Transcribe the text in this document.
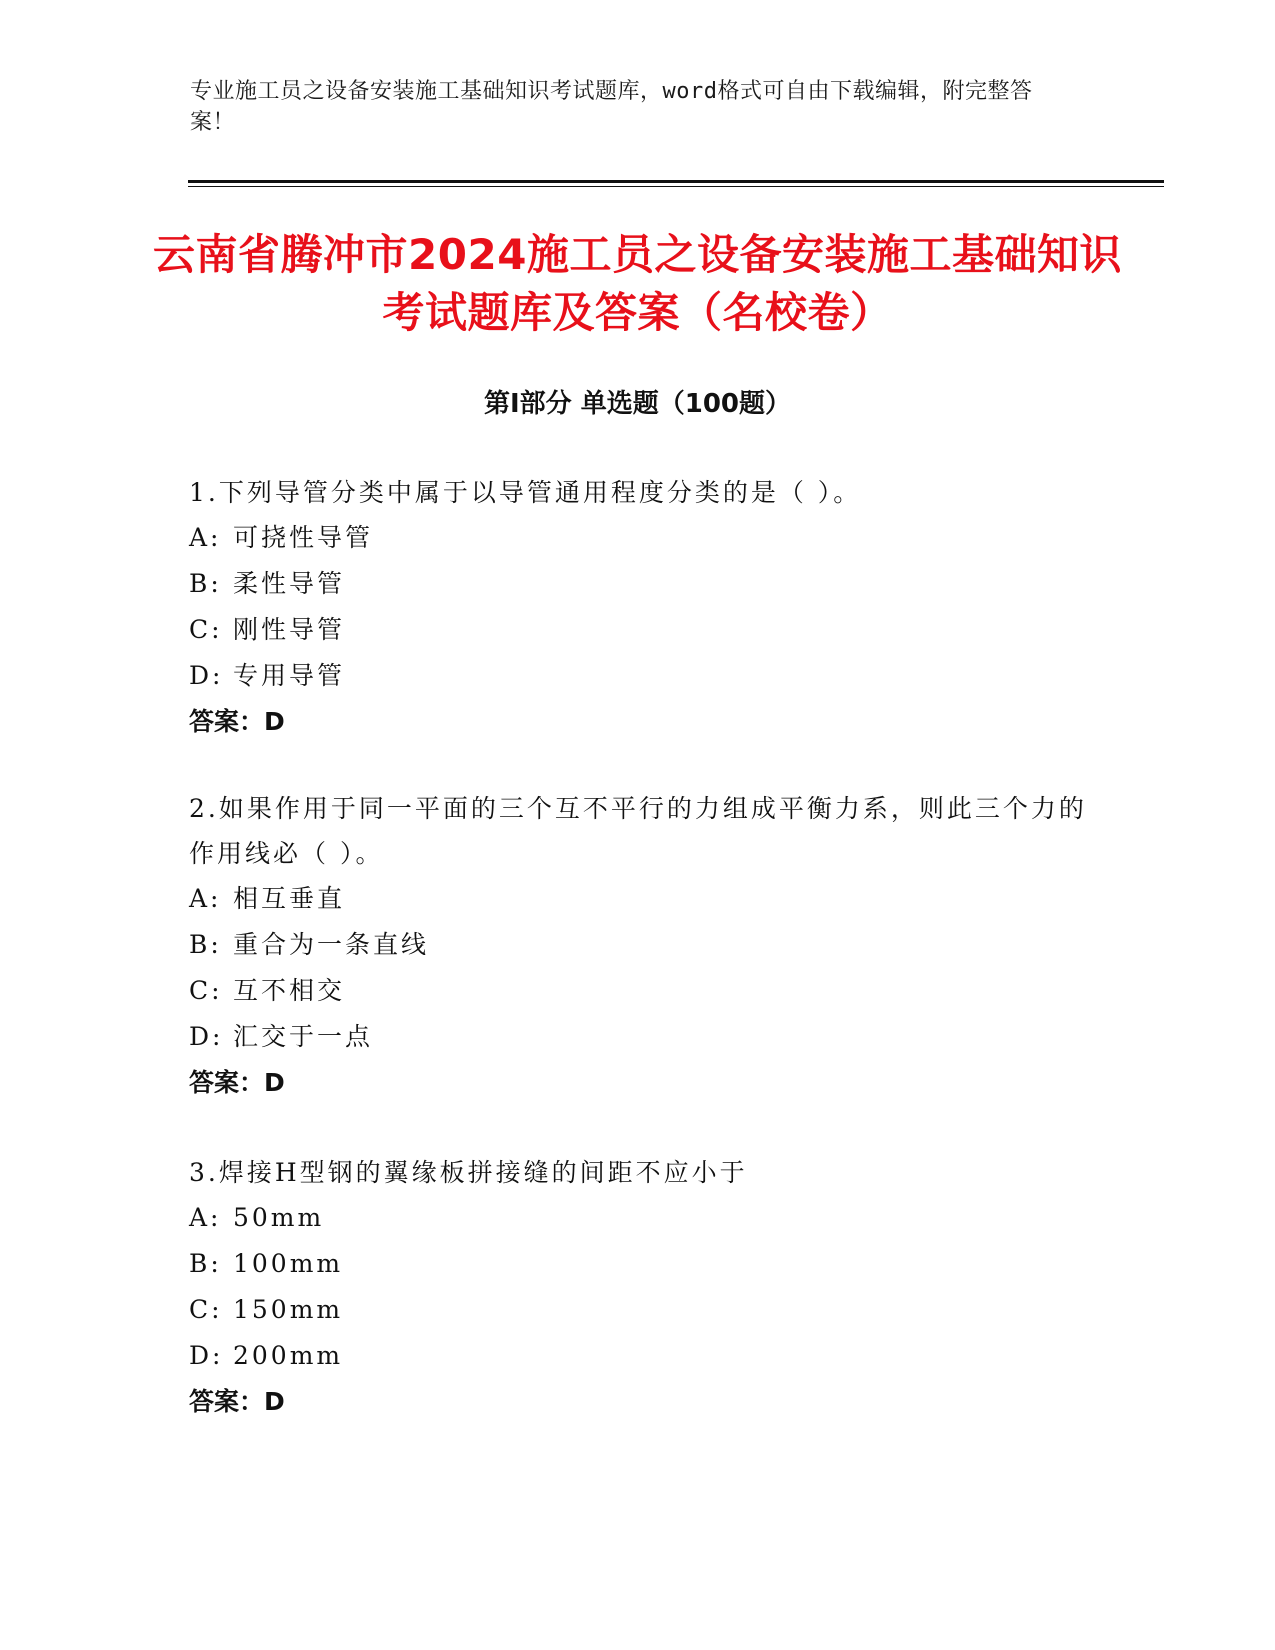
专业施工员之设备安装施工基础知识考试题库，word格式可自由下载编辑，附完整答案！
云南省腾冲市2024施工员之设备安装施工基础知识考试题库及答案（名校卷）
第Ⅰ部分 单选题（100题）

1.下列导管分类中属于以导管通用程度分类的是（ ）。

A: 可挠性导管

B: 柔性导管

C: 刚性导管

D: 专用导管

答案：D

2.如果作用于同一平面的三个互不平行的力组成平衡力系，则此三个力的作用线必（ ）。

A: 相互垂直

B: 重合为一条直线

C: 互不相交

D: 汇交于一点

答案：D

3.焊接H型钢的翼缘板拼接缝的间距不应小于

A: 50mm

B: 100mm

C: 150mm

D: 200mm

答案：D
